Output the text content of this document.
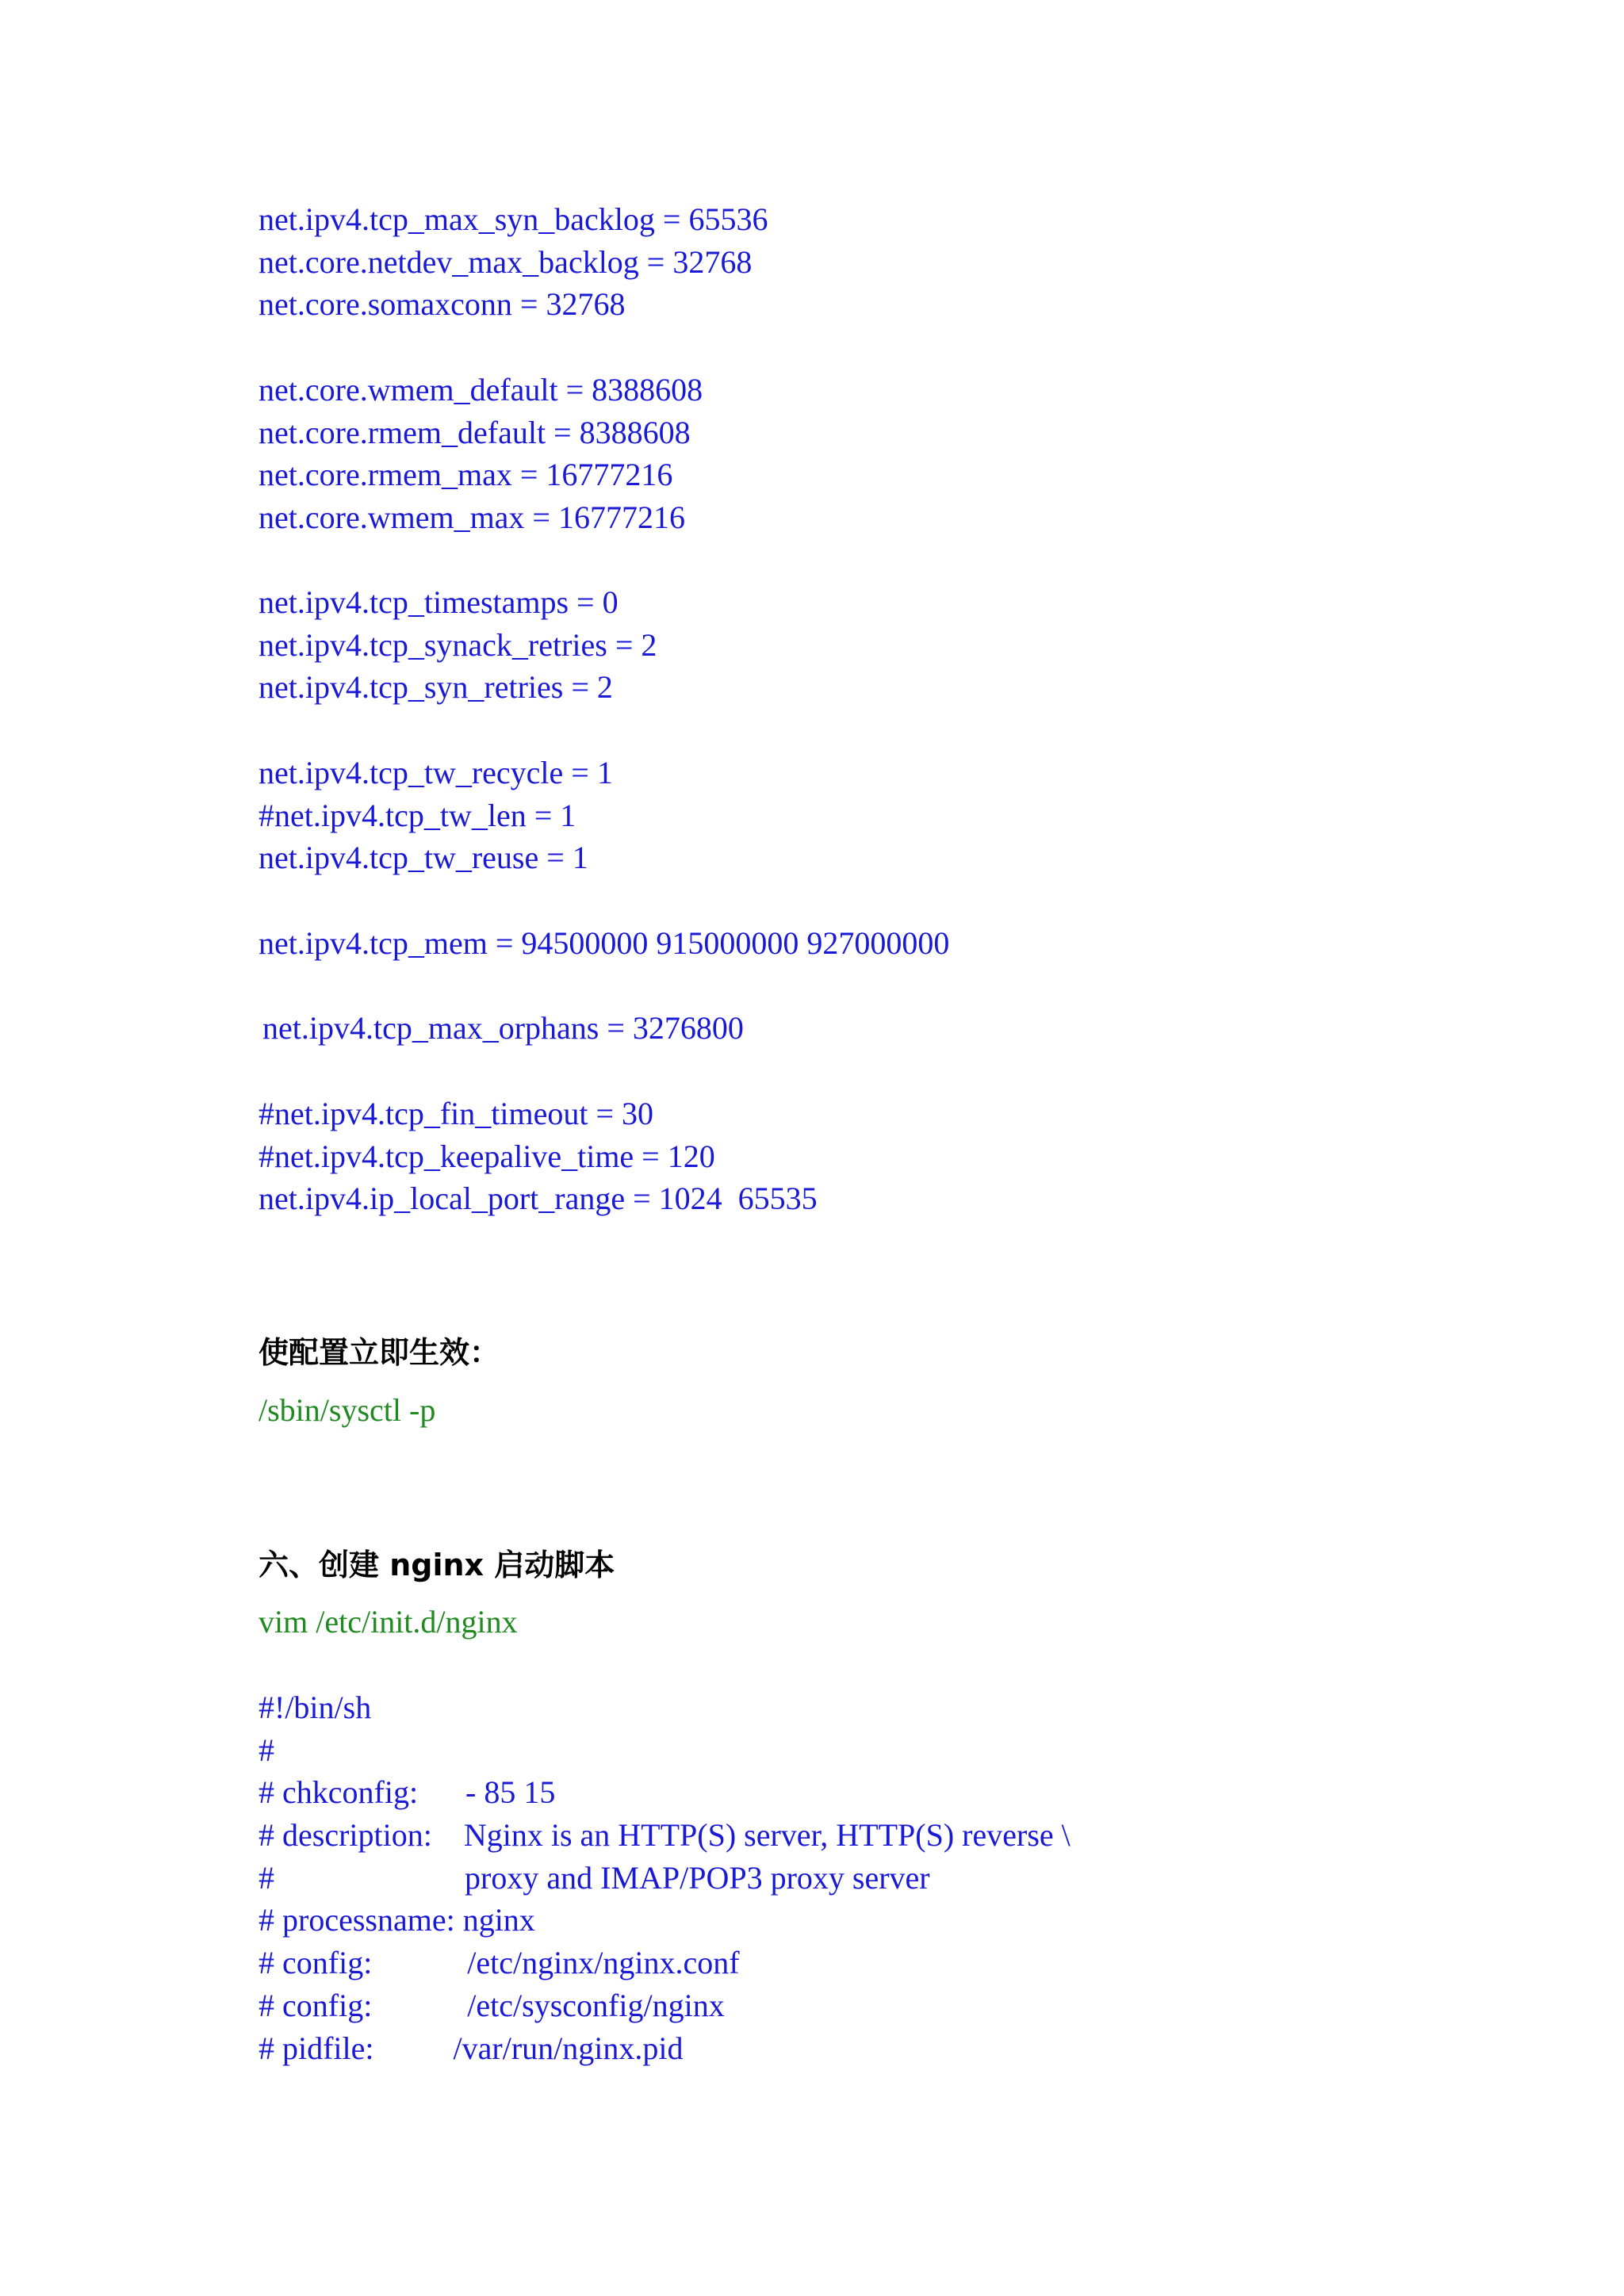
net.ipv4.tcp_max_syn_backlog = 65536
net.core.netdev_max_backlog = 32768
net.core.somaxconn = 32768
net.core.wmem_default = 8388608
net.core.rmem_default = 8388608
net.core.rmem_max = 16777216
net.core.wmem_max = 16777216
net.ipv4.tcp_timestamps = 0
net.ipv4.tcp_synack_retries = 2
net.ipv4.tcp_syn_retries = 2
net.ipv4.tcp_tw_recycle = 1
#net.ipv4.tcp_tw_len = 1
net.ipv4.tcp_tw_reuse = 1
net.ipv4.tcp_mem = 94500000 915000000 927000000
net.ipv4.tcp_max_orphans = 3276800
#net.ipv4.tcp_fin_timeout = 30
#net.ipv4.tcp_keepalive_time = 120
net.ipv4.ip_local_port_range = 1024  65535
使配置立即生效：
/sbin/sysctl -p
六、创建 nginx 启动脚本
vim /etc/init.d/nginx
#!/bin/sh
#
# chkconfig:      - 85 15
# description:    Nginx is an HTTP(S) server, HTTP(S) reverse \
#                        proxy and IMAP/POP3 proxy server
# processname: nginx
# config:            /etc/nginx/nginx.conf
# config:            /etc/sysconfig/nginx
# pidfile:          /var/run/nginx.pid
